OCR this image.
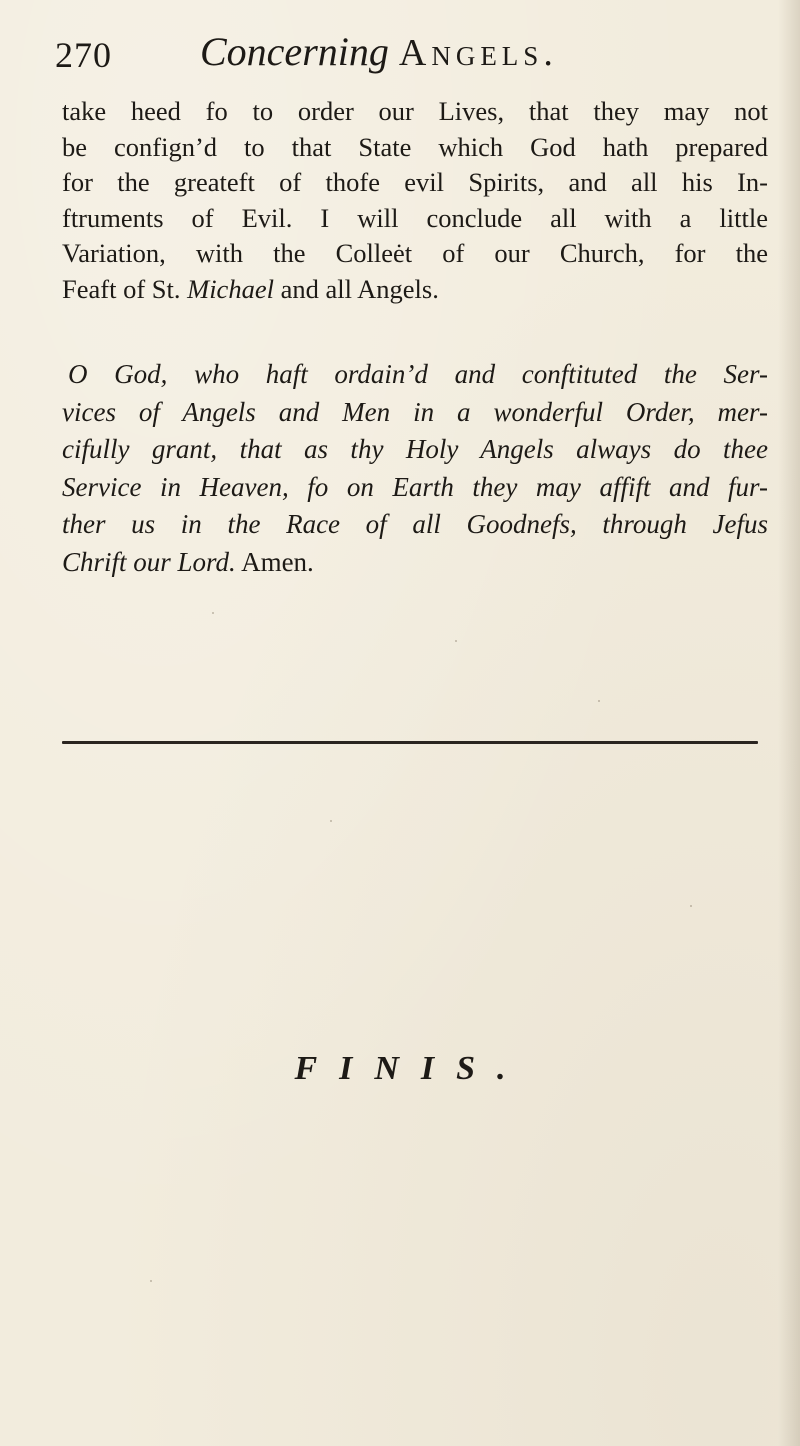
270 Concerning Angels.
take heed fo to order our Lives, that they may not
be confign’d to that State which God hath prepared
for the greateft of thofe evil Spirits, and all his In-
ftruments of Evil. I will conclude all with a little
Variation, with the Colleėt of our Church, for the
Feaft of St. Michael and all Angels.
O God, who haft ordain’d and conftituted the Ser-
vices of Angels and Men in a wonderful Order, mer-
cifully grant, that as thy Holy Angels always do thee
Service in Heaven, fo on Earth they may affift and fur-
ther us in the Race of all Goodnefs, through Jefus
Chrift our Lord. Amen.
FINIS.
